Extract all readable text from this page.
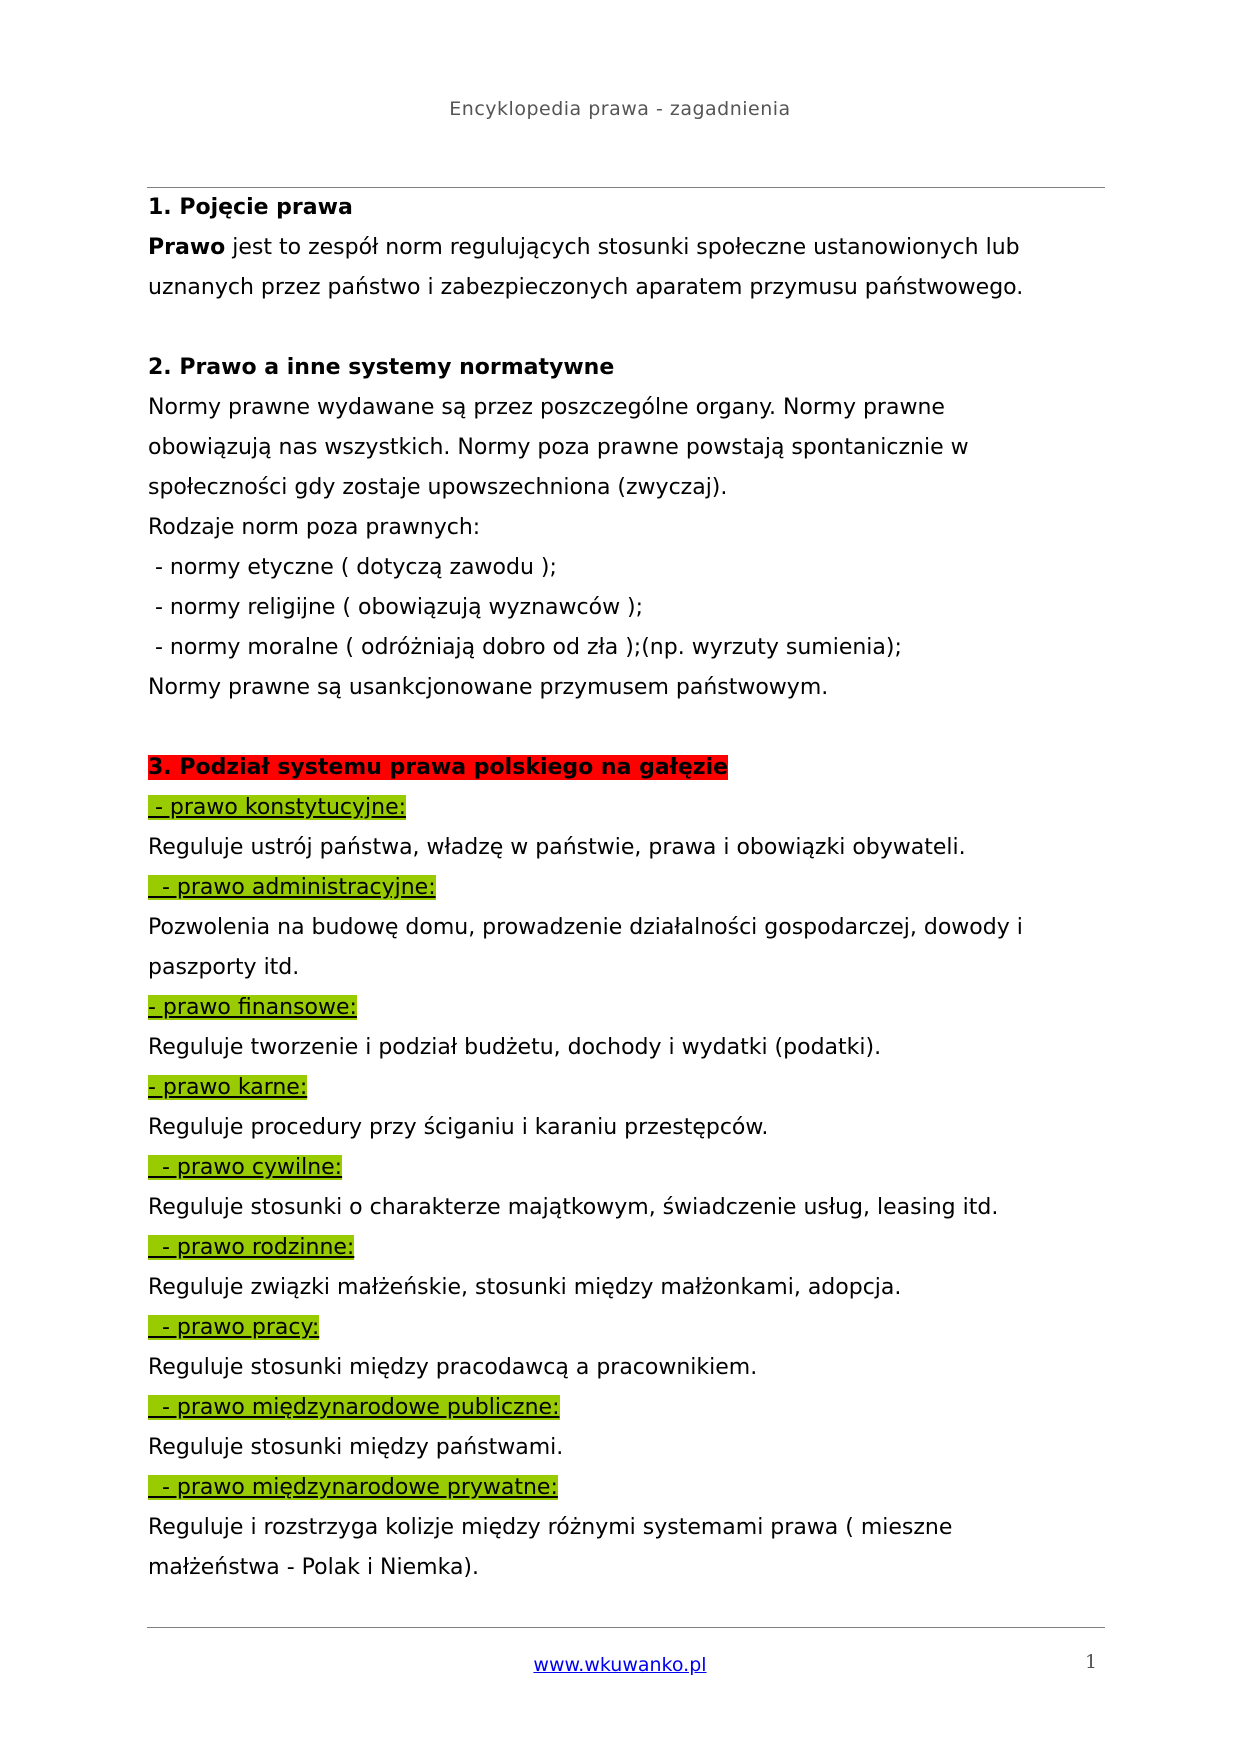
Encyklopedia prawa - zagadnienia

1. Pojęcie prawa

Prawo jest to zespół norm regulujących stosunki społeczne ustanowionych lub

uznanych przez państwo i zabezpieczonych aparatem przymusu państwowego.

2. Prawo a inne systemy normatywne

Normy prawne wydawane są przez poszczególne organy. Normy prawne

obowiązują nas wszystkich. Normy poza prawne powstają spontanicznie w

społeczności gdy zostaje upowszechniona (zwyczaj).

Rodzaje norm poza prawnych:

- normy etyczne ( dotyczą zawodu );

- normy religijne ( obowiązują wyznawców );

- normy moralne ( odróżniają dobro od zła );(np. wyrzuty sumienia);

Normy prawne są usankcjonowane przymusem państwowym.

3. Podział systemu prawa polskiego na gałęzie

- prawo konstytucyjne:

Reguluje ustrój państwa, władzę w państwie, prawa i obowiązki obywateli.

- prawo administracyjne:

Pozwolenia na budowę domu, prowadzenie działalności gospodarczej, dowody i

paszporty itd.

- prawo finansowe:

Reguluje tworzenie i podział budżetu, dochody i wydatki (podatki).

- prawo karne:

Reguluje procedury przy ściganiu i karaniu przestępców.

- prawo cywilne:

Reguluje stosunki o charakterze majątkowym, świadczenie usług, leasing itd.

- prawo rodzinne:

Reguluje związki małżeńskie, stosunki między małżonkami, adopcja.

- prawo pracy:

Reguluje stosunki między pracodawcą a pracownikiem.

- prawo międzynarodowe publiczne:

Reguluje stosunki między państwami.

- prawo międzynarodowe prywatne:

Reguluje i rozstrzyga kolizje między różnymi systemami prawa ( mieszne

małżeństwa - Polak i Niemka).

www.wkuwanko.pl	1
